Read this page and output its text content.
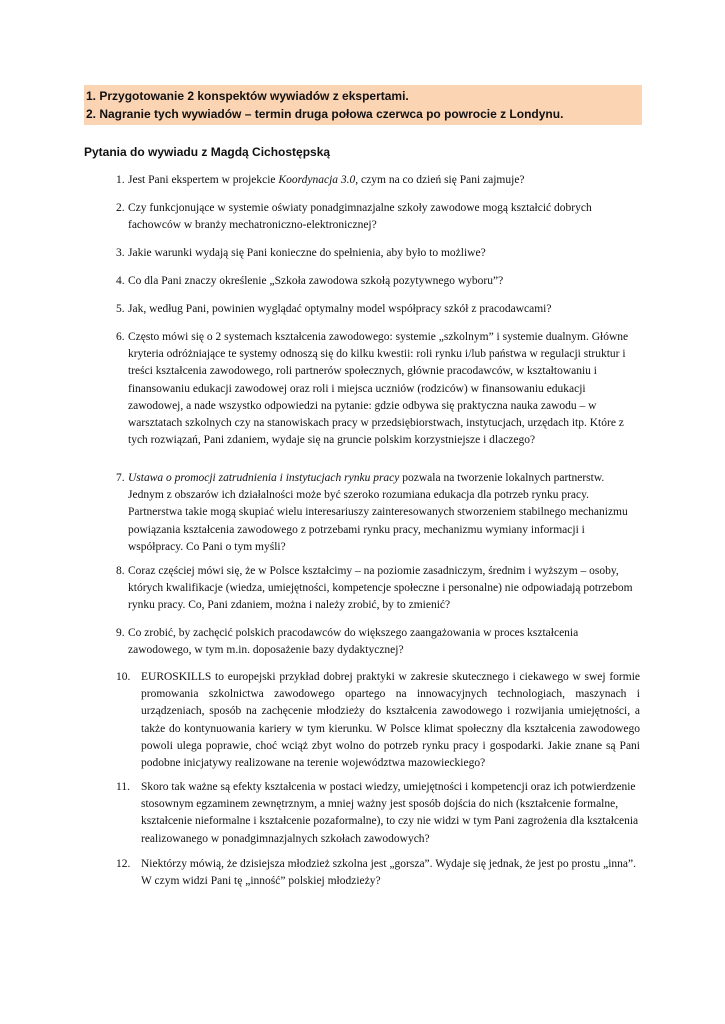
1. Przygotowanie 2 konspektów wywiadów z ekspertami.
2. Nagranie tych wywiadów – termin druga połowa czerwca po powrocie z Londynu.
Pytania do wywiadu z Magdą Cichostępską
1. Jest Pani ekspertem w projekcie Koordynacja 3.0, czym na co dzień się Pani zajmuje?
2. Czy funkcjonujące w systemie oświaty ponadgimnazjalne szkoły zawodowe mogą kształcić dobrych fachowców w branży mechatroniczno-elektronicznej?
3. Jakie warunki wydają się Pani konieczne do spełnienia, aby było to możliwe?
4. Co dla Pani znaczy określenie „Szkoła zawodowa szkołą pozytywnego wyboru”?
5. Jak, według Pani, powinien wyglądać optymalny model współpracy szkół z pracodawcami?
6. Często mówi się o 2 systemach kształcenia zawodowego: systemie „szkolnym” i systemie dualnym. Główne kryteria odróżniające te systemy odnoszą się do kilku kwestii: roli rynku i/lub państwa w regulacji struktur i treści kształcenia zawodowego, roli partnerów społecznych, głównie pracodawców, w kształtowaniu i finansowaniu edukacji zawodowej oraz roli i miejsca uczniów (rodziców) w finansowaniu edukacji zawodowej, a nade wszystko odpowiedzi na pytanie: gdzie odbywa się praktyczna nauka zawodu – w warsztatach szkolnych czy na stanowiskach pracy w przedsiębiorstwach, instytucjach, urzędach itp. Które z tych rozwiązań, Pani zdaniem, wydaje się na gruncie polskim korzystniejsze i dlaczego?
7. Ustawa o promocji zatrudnienia i instytucjach rynku pracy pozwala na tworzenie lokalnych partnerstw. Jednym z obszarów ich działalności może być szeroko rozumiana edukacja dla potrzeb rynku pracy. Partnerstwa takie mogą skupiać wielu interesariuszy zainteresowanych stworzeniem stabilnego mechanizmu powiązania kształcenia zawodowego z potrzebami rynku pracy, mechanizmu wymiany informacji i współpracy. Co Pani o tym myśli?
8. Coraz częściej mówi się, że w Polsce kształcimy – na poziomie zasadniczym, średnim i wyższym – osoby, których kwalifikacje (wiedza, umiejętności, kompetencje społeczne i personalne) nie odpowiadają potrzebom rynku pracy. Co, Pani zdaniem, można i należy zrobić, by to zmienić?
9. Co zrobić, by zachęcić polskich pracodawców do większego zaangażowania w proces kształcenia zawodowego, w tym m.in. doposażenie bazy dydaktycznej?
10. EUROSKILLS to europejski przykład dobrej praktyki w zakresie skutecznego i ciekawego w swej formie promowania szkolnictwa zawodowego opartego na innowacyjnych technologiach, maszynach i urządzeniach, sposób na zachęcenie młodzieży do kształcenia zawodowego i rozwijania umiejętności, a także do kontynuowania kariery w tym kierunku. W Polsce klimat społeczny dla kształcenia zawodowego powoli ulega poprawie, choć wciąż zbyt wolno do potrzeb rynku pracy i gospodarki. Jakie znane są Pani podobne inicjatywy realizowane na terenie województwa mazowieckiego?
11. Skoro tak ważne są efekty kształcenia w postaci wiedzy, umiejętności i kompetencji oraz ich potwierdzenie stosownym egzaminem zewnętrznym, a mniej ważny jest sposób dojścia do nich (kształcenie formalne, kształcenie nieformalne i kształcenie pozaformalne), to czy nie widzi w tym Pani zagrożenia dla kształcenia realizowanego w ponadgimnazjalnych szkołach zawodowych?
12. Niektórzy mówią, że dzisiejsza młodzież szkolna jest „gorsza”. Wydaje się jednak, że jest po prostu „inna”. W czym widzi Pani tę „inność” polskiej młodzieży?
